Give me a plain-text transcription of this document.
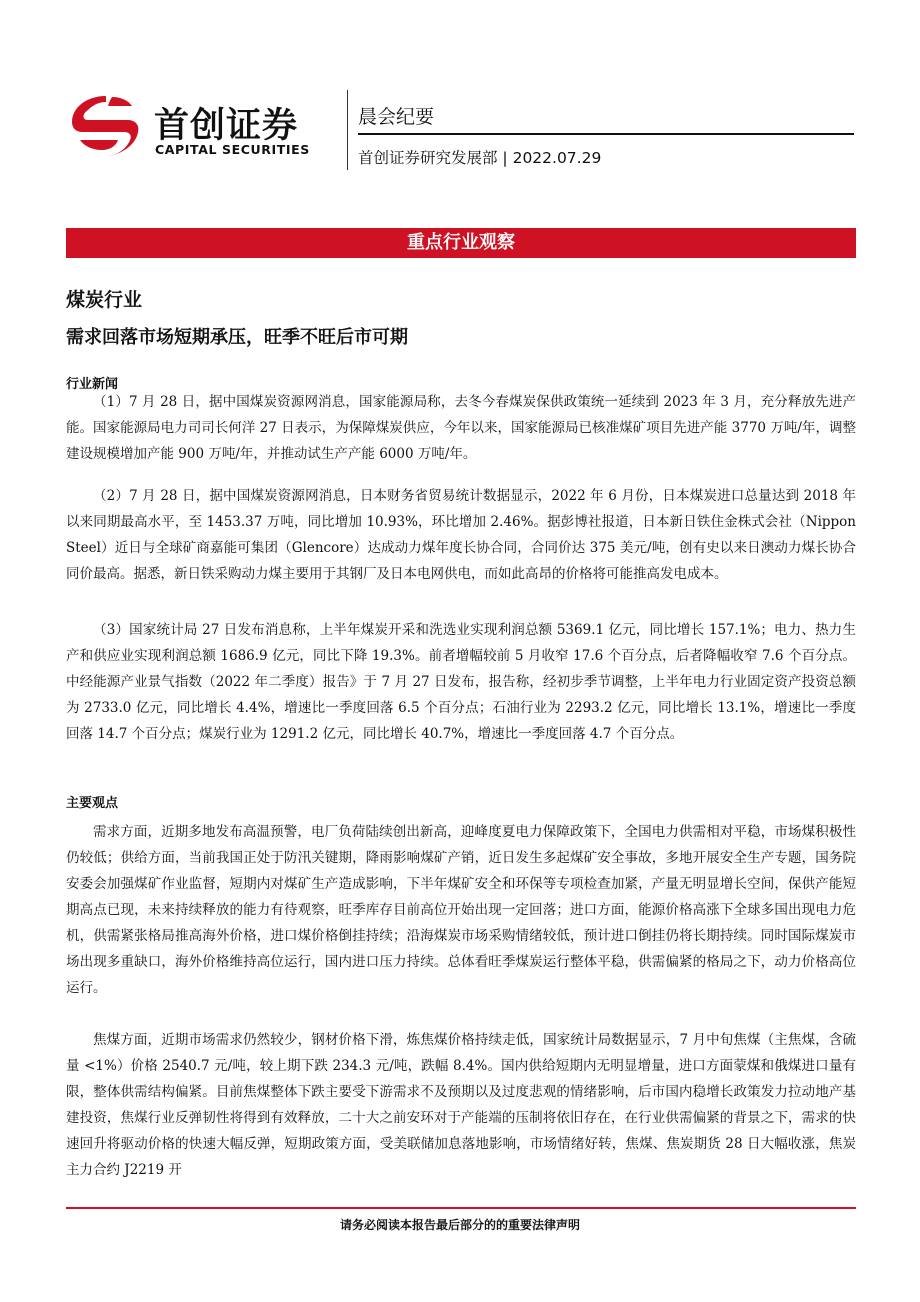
首创证券
CAPITAL SECURITIES
晨会纪要
首创证券研究发展部 | 2022.07.29
重点行业观察
煤炭行业
需求回落市场短期承压，旺季不旺后市可期
行业新闻

（1）7 月 28 日，据中国煤炭资源网消息，国家能源局称，去冬今春煤炭保供政策统一延续到 2023 年 3 月，充分释放先进产能。国家能源局电力司司长何洋 27 日表示，为保障煤炭供应，今年以来，国家能源局已核准煤矿项目先进产能 3770 万吨/年，调整建设规模增加产能 900 万吨/年，并推动试生产产能 6000 万吨/年。

（2）7 月 28 日，据中国煤炭资源网消息，日本财务省贸易统计数据显示，2022 年 6 月份，日本煤炭进口总量达到 2018 年以来同期最高水平，至 1453.37 万吨，同比增加 10.93%，环比增加 2.46%。据彭博社报道，日本新日铁住金株式会社（Nippon Steel）近日与全球矿商嘉能可集团（Glencore）达成动力煤年度长协合同，合同价达 375 美元/吨，创有史以来日澳动力煤长协合同价最高。据悉，新日铁采购动力煤主要用于其钢厂及日本电网供电，而如此高昂的价格将可能推高发电成本。

（3）国家统计局 27 日发布消息称，上半年煤炭开采和洗选业实现利润总额 5369.1 亿元，同比增长 157.1%；电力、热力生产和供应业实现利润总额 1686.9 亿元，同比下降 19.3%。前者增幅较前 5 月收窄 17.6 个百分点，后者降幅收窄 7.6 个百分点。中经能源产业景气指数（2022 年二季度）报告》于 7 月 27 日发布，报告称，经初步季节调整，上半年电力行业固定资产投资总额为 2733.0 亿元，同比增长 4.4%，增速比一季度回落 6.5 个百分点；石油行业为 2293.2 亿元，同比增长 13.1%，增速比一季度回落 14.7 个百分点；煤炭行业为 1291.2 亿元，同比增长 40.7%，增速比一季度回落 4.7 个百分点。

主要观点

需求方面，近期多地发布高温预警，电厂负荷陆续创出新高，迎峰度夏电力保障政策下，全国电力供需相对平稳，市场煤积极性仍较低；供给方面，当前我国正处于防汛关键期，降雨影响煤矿产销，近日发生多起煤矿安全事故，多地开展安全生产专题，国务院安委会加强煤矿作业监督，短期内对煤矿生产造成影响，下半年煤矿安全和环保等专项检查加紧，产量无明显增长空间，保供产能短期高点已现，未来持续释放的能力有待观察，旺季库存目前高位开始出现一定回落；进口方面，能源价格高涨下全球多国出现电力危机，供需紧张格局推高海外价格，进口煤价格倒挂持续；沿海煤炭市场采购情绪较低，预计进口倒挂仍将长期持续。同时国际煤炭市场出现多重缺口，海外价格维持高位运行，国内进口压力持续。总体看旺季煤炭运行整体平稳，供需偏紧的格局之下，动力价格高位运行。

焦煤方面，近期市场需求仍然较少，钢材价格下滑，炼焦煤价格持续走低，国家统计局数据显示，7 月中旬焦煤（主焦煤，含硫量 <1%）价格 2540.7 元/吨，较上期下跌 234.3 元/吨，跌幅 8.4%。国内供给短期内无明显增量，进口方面蒙煤和俄煤进口量有限，整体供需结构偏紧。目前焦煤整体下跌主要受下游需求不及预期以及过度悲观的情绪影响，后市国内稳增长政策发力拉动地产基建投资，焦煤行业反弹韧性将得到有效释放，二十大之前安环对于产能端的压制将依旧存在，在行业供需偏紧的背景之下，需求的快速回升将驱动价格的快速大幅反弹，短期政策方面，受美联储加息落地影响，市场情绪好转，焦煤、焦炭期货 28 日大幅收涨，焦炭主力合约 J2219 开

请务必阅读本报告最后部分的的重要法律声明
